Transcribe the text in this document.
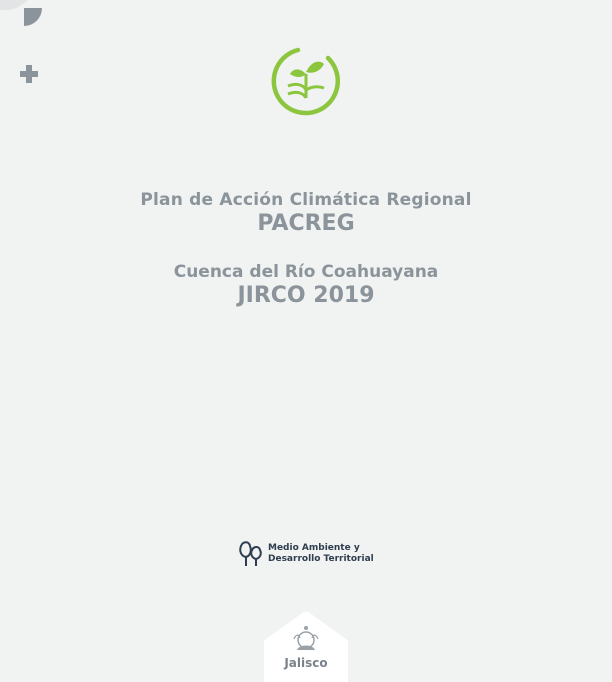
Plan de Acción Climática Regional
PACREG
Cuenca del Río Coahuayana
JIRCO 2019
Medio Ambiente y
Desarrollo Territorial
Jalisco
